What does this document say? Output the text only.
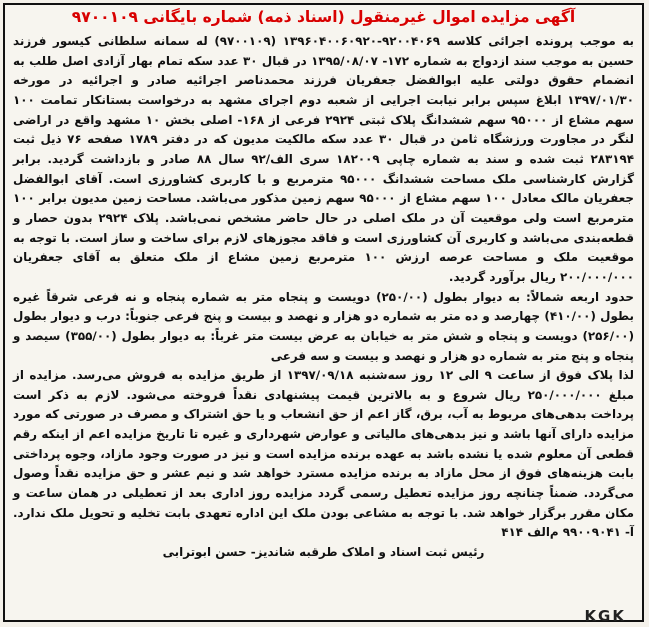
آگهی مزایده اموال غیرمنقول (اسناد ذمه) شماره بایگانی ۹۷۰۰۱۰۹

به موجب پرونده اجرائی کلاسه ۹۲۰۰۴۰۶۹-۱۳۹۶۰۴۰۰۶۰۹۲۰ (۹۷۰۰۱۰۹) له سمانه سلطانی کیسور فرزند حسین به موجب سند ازدواج به شماره ۱۷۲- ۱۳۹۵/۰۸/۰۷ در قبال ۳۰ عدد سکه تمام بهار آزادی اصل طلب به انضمام حقوق دولتی علیه ابوالفضل جعفریان فرزند محمدناصر اجرائیه صادر و اجرائیه در مورخه ۱۳۹۷/۰۱/۳۰ ابلاغ سپس برابر نیابت اجرایی از شعبه دوم اجرای مشهد به درخواست بستانکار تمامت ۱۰۰ سهم مشاع از ۹۵۰۰۰ سهم ششدانگ پلاک ثبتی ۲۹۲۴ فرعی از ۱۶۸- اصلی بخش ۱۰ مشهد واقع در اراضی لنگر در مجاورت ورزشگاه ثامن در قبال ۳۰ عدد سکه مالکیت مدیون که در دفتر ۱۷۸۹ صفحه ۷۶ ذیل ثبت ۲۸۳۱۹۴ ثبت شده و سند به شماره چاپی ۱۸۲۰۰۹ سری الف/۹۲ سال ۸۸ صادر و بازداشت گردید. برابر گزارش کارشناسی ملک مساحت ششدانگ ۹۵۰۰۰ مترمربع و با کاربری کشاورزی است. آقای ابوالفضل جعفریان مالک معادل ۱۰۰ سهم مشاع از ۹۵۰۰۰ سهم زمین مذکور می‌باشد. مساحت زمین مدیون برابر ۱۰۰ مترمربع است ولی موقعیت آن در ملک اصلی در حال حاضر مشخص نمی‌باشد. پلاک ۲۹۲۴ بدون حصار و قطعه‌بندی می‌باشد و کاربری آن کشاورزی است و فاقد مجوزهای لازم برای ساخت و ساز است. با توجه به موقعیت ملک و مساحت عرصه ارزش ۱۰۰ مترمربع زمین مشاع از ملک متعلق به آقای جعفریان ۲۰۰/۰۰۰/۰۰۰ ریال برآورد گردید.

حدود اربعه شمالاً: به دیوار بطول (۲۵۰/۰۰) دویست و پنجاه متر به شماره پنجاه و نه فرعی شرقاً غیره بطول (۴۱۰/۰۰) چهارصد و ده متر به شماره دو هزار و نهصد و بیست و پنج فرعی جنوباً: درب و دیوار بطول (۲۵۶/۰۰) دویست و پنجاه و شش متر به خیابان به عرض بیست متر غرباً: به دیوار بطول (۳۵۵/۰۰) سیصد و پنجاه و پنج متر به شماره دو هزار و نهصد و بیست و سه فرعی

لذا پلاک فوق از ساعت ۹ الی ۱۲ روز سه‌شنبه ۱۳۹۷/۰۹/۱۸ از طریق مزایده به فروش می‌رسد. مزایده از مبلغ ۲۵۰/۰۰۰/۰۰۰ ریال شروع و به بالاترین قیمت پیشنهادی نقداً فروخته می‌شود. لازم به ذکر است پرداخت بدهی‌های مربوط به آب، برق، گاز اعم از حق انشعاب و یا حق اشتراک و مصرف در صورتی که مورد مزایده دارای آنها باشد و نیز بدهی‌های مالیاتی و عوارض شهرداری و غیره تا تاریخ مزایده اعم از اینکه رقم قطعی آن معلوم شده یا نشده باشد به عهده برنده مزایده است و نیز در صورت وجود مازاد، وجوه پرداختی بابت هزینه‌های فوق از محل مازاد به برنده مزایده مسترد خواهد شد و نیم عشر و حق مزایده نقداً وصول می‌گردد. ضمناً چنانچه روز مزایده تعطیل رسمی گردد مزایده روز اداری بعد از تعطیلی در همان ساعت و مکان مقرر برگزار خواهد شد. با توجه به مشاعی بودن ملک این اداره تعهدی بابت تخلیه و تحویل ملک ندارد. آ- ۹۹۰۰۹۰۴۱ م‌الف ۴۱۴

رئیس ثبت اسناد و املاک طرقبه شاندیز- حسن ابوترابی

KGK
